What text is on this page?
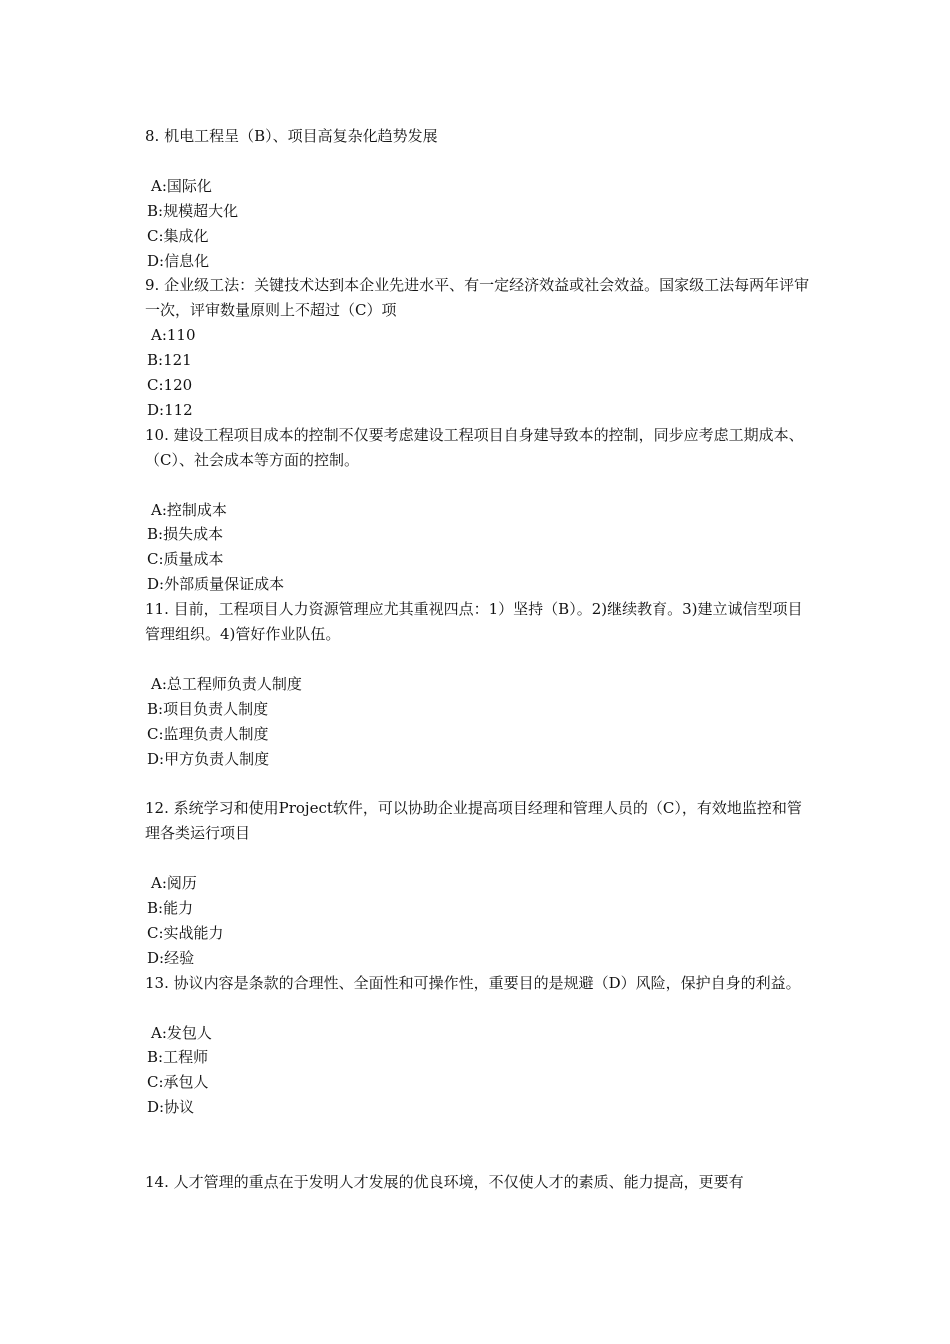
8. 机电工程呈（B）、项目高复杂化趋势发展
A:国际化
B:规模超大化
C:集成化
D:信息化
9. 企业级工法：关键技术达到本企业先进水平、有一定经济效益或社会效益。国家级工法每两年评审一次，评审数量原则上不超过（C）项
A:110
B:121
C:120
D:112
10. 建设工程项目成本的控制不仅要考虑建设工程项目自身建导致本的控制，同步应考虑工期成本、（C）、社会成本等方面的控制。
A:控制成本
B:损失成本
C:质量成本
D:外部质量保证成本
11. 目前，工程项目人力资源管理应尤其重视四点：1）坚持（B）。2)继续教育。3)建立诚信型项目管理组织。4)管好作业队伍。
A:总工程师负责人制度
B:项目负责人制度
C:监理负责人制度
D:甲方负责人制度
12. 系统学习和使用Project软件，可以协助企业提高项目经理和管理人员的（C），有效地监控和管理各类运行项目
A:阅历
B:能力
C:实战能力
D:经验
13. 协议内容是条款的合理性、全面性和可操作性，重要目的是规避（D）风险，保护自身的利益。
A:发包人
B:工程师
C:承包人
D:协议
14. 人才管理的重点在于发明人才发展的优良环境，不仅使人才的素质、能力提高，更要有
